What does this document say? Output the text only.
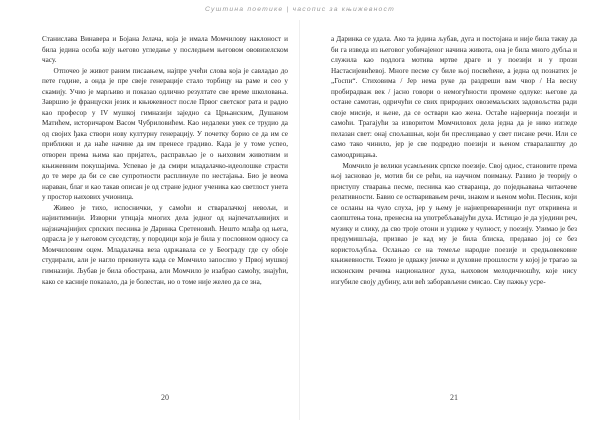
Суштина поетике | часопис за књижевност

Станислава Винавера и Бојана Јелача, која је имала Момчилову наклоност и била једина особа коју његово угледање у последњем његовом ововизелском часу.

Отпочео је живот раним писаањем, најпре учећи слова која је савладао до пете године, а онда је пре свеје генерације стало торбицу на раме и сео у скамију. Учио је марљиво и показао одлично резултате све време школовања. Завршио је француски језик и књижевност после Првог светског рата и радио као професор у IV мушкој гимназији заједно са Црњанским, Душаном Матићем, историчаром Васом Чубриловићем. Као недалеки увек се трудио да од својих ђака створи нову културну генерацију. У почетку борио се да им се приближи и да наће начине да им пренесе градиво. Када је у томе успео, отворен према њима као пријатељ, расправљао је о њиховим животним и књижевним покушајима. Успевао је да смири младалачко-идеолошке страсти до те мере да би се све супротности расплинуле по нестајања. Био је веома нараван, благ и као такав описан је од стране једног ученика као светлост унета у простор њихових учионица.

Живео је тихо, испоснички, у самоћи и стваралачкој невољи, и најинтимнији. Изворни утицаја многих дела једног од најпечатљивијих и најзначајнијих српских песника је Даринка Сретеновић. Нешто млађа од њега, одрасла је у његовом суседству, у породици која је била у пословном односу са Момчиловим оцем. Младалачка веза одржавала се у Београду где су обоје студирали, али је нагло прекинута када се Момчило запослио у Првој мушкој гимназији. Љубав је била обострана, али Момчило је изабрао самоћу, знајући, како се касније показало, да је болестан, но о томе није желео да се зна,

20

а Даринка се удала. Ако та једина љубав, дуга и постојана и није била такву да би га изведа из његовог уобичајеног начина живота, она је била много дубља и служила као подлога мотива мртве драге и у поезији и у прози Настасијевићевој. Многе песме су биле њој посвећене, а једна од познатих је „Госпи“. Стиховима / Јер нема руке да раздреши вам чвор / На весну пробирадваж век / јасно говори о немогућности промене одлуке: његове да остане самотан, одричући се свих природних овоземаљских задовољства ради своје мисије, и њене, да се оствари као жена. Остаће највернија поезији и самоћи. Трагајући за изворитом Момчиловох дела једна да је нико изгледе пелазан свет: онај спољашњи, који би преслицавао у свет писане речи. Или се само тако чинило, јер је све подредио поезији и њеном стваралаштву до самоодрицања.

Момчило је велики усамљеник српске поезије. Свој однос, становите према њој засновао је, мотив би се рећи, на научном поимању. Развио је теорију о приступу стварања песме, песника као стваранца, до поједњавања читаочеве релативности. Бавио се остваривањем речи, знаком и њеном моћи. Песник, који се осланы на чуло слуха, јер у њему је најнепревареннији пут откривена и саопштења тона, пренесиа на употребљавајући духа. Истицао је да уједини реч, музику и слику, да сво троје отони и уздиже у чулност, у поезију. Узимао је без предумишљаја, призвао је кад му је била блиска, предавао јој се без користољубља. Ослањао се на темеље народне поезије и средњовековне књижевности. Тежио је одважу јенчке и духовне прошлости у којој је трагао за исконским речима националног духа, њиховом мелодичношћу, које нису изгубиле своју дубину, али већ заборављени смисао. Сву пажњу усре-

21
